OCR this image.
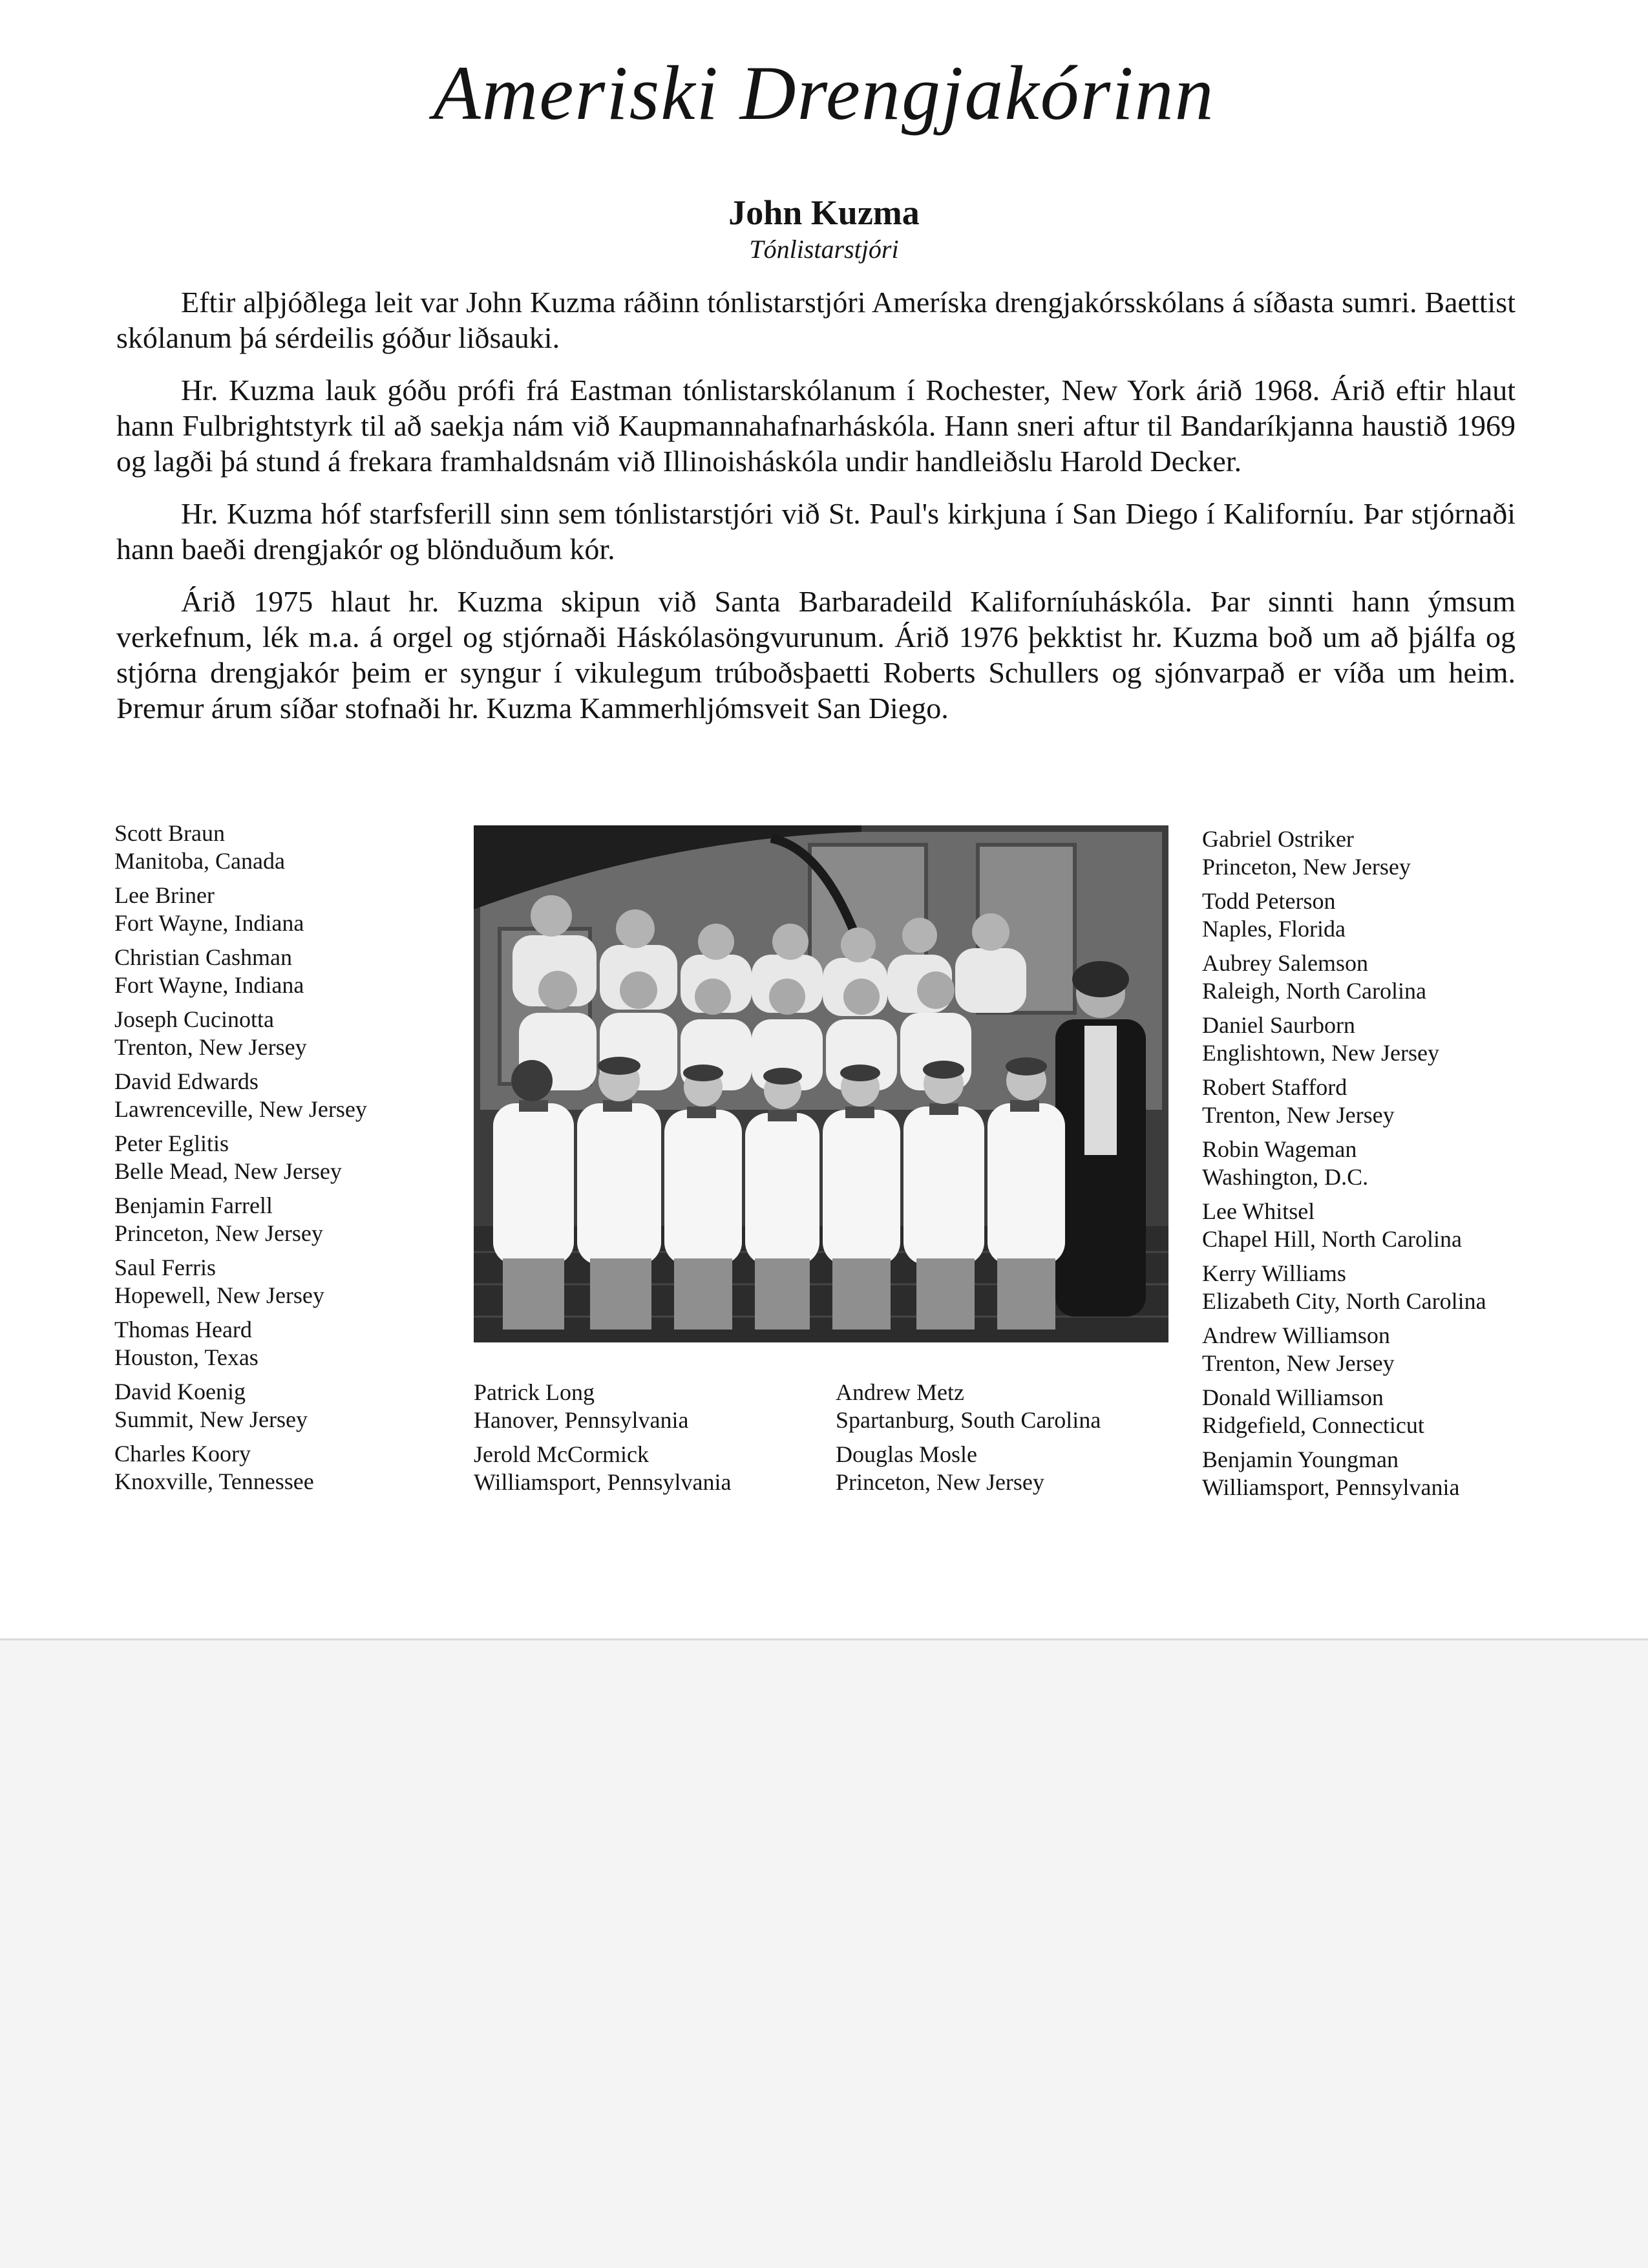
Ameriski Drengjakórinn
John Kuzma
Tónlistarstjóri

Eftir alþjóðlega leit var John Kuzma ráðinn tónlistarstjóri Ameríska drengjakórsskólans á síðasta sumri. Baettist skólanum þá sérdeilis góður liðsauki.

Hr. Kuzma lauk góðu prófi frá Eastman tónlistarskólanum í Rochester, New York árið 1968. Árið eftir hlaut hann Fulbrightstyrk til að saekja nám við Kaupmannahafnarháskóla. Hann sneri aftur til Bandaríkjanna haustið 1969 og lagði þá stund á frekara framhaldsnám við Illinoisháskóla undir handleiðslu Harold Decker.

Hr. Kuzma hóf starfsferill sinn sem tónlistarstjóri við St. Paul's kirkjuna í San Diego í Kaliforníu. Þar stjórnaði hann baeði drengjakór og blönduðum kór.

Árið 1975 hlaut hr. Kuzma skipun við Santa Barbaradeild Kaliforníuháskóla. Þar sinnti hann ýmsum verkefnum, lék m.a. á orgel og stjórnaði Háskólasöngvurunum. Árið 1976 þekktist hr. Kuzma boð um að þjálfa og stjórna drengjakór þeim er syngur í vikulegum trúboðsþaetti Roberts Schullers og sjónvarpað er víða um heim. Þremur árum síðar stofnaði hr. Kuzma Kammerhljómsveit San Diego.

Scott Braun
Manitoba, Canada
Lee Briner
Fort Wayne, Indiana
Christian Cashman
Fort Wayne, Indiana
Joseph Cucinotta
Trenton, New Jersey
David Edwards
Lawrenceville, New Jersey
Peter Eglitis
Belle Mead, New Jersey
Benjamin Farrell
Princeton, New Jersey
Saul Ferris
Hopewell, New Jersey
Thomas Heard
Houston, Texas
David Koenig
Summit, New Jersey
Charles Koory
Knoxville, Tennessee
Patrick Long
Hanover, Pennsylvania
Jerold McCormick
Williamsport, Pennsylvania
Andrew Metz
Spartanburg, South Carolina
Douglas Mosle
Princeton, New Jersey
Gabriel Ostriker
Princeton, New Jersey
Todd Peterson
Naples, Florida
Aubrey Salemson
Raleigh, North Carolina
Daniel Saurborn
Englishtown, New Jersey
Robert Stafford
Trenton, New Jersey
Robin Wageman
Washington, D.C.
Lee Whitsel
Chapel Hill, North Carolina
Kerry Williams
Elizabeth City, North Carolina
Andrew Williamson
Trenton, New Jersey
Donald Williamson
Ridgefield, Connecticut
Benjamin Youngman
Williamsport, Pennsylvania
